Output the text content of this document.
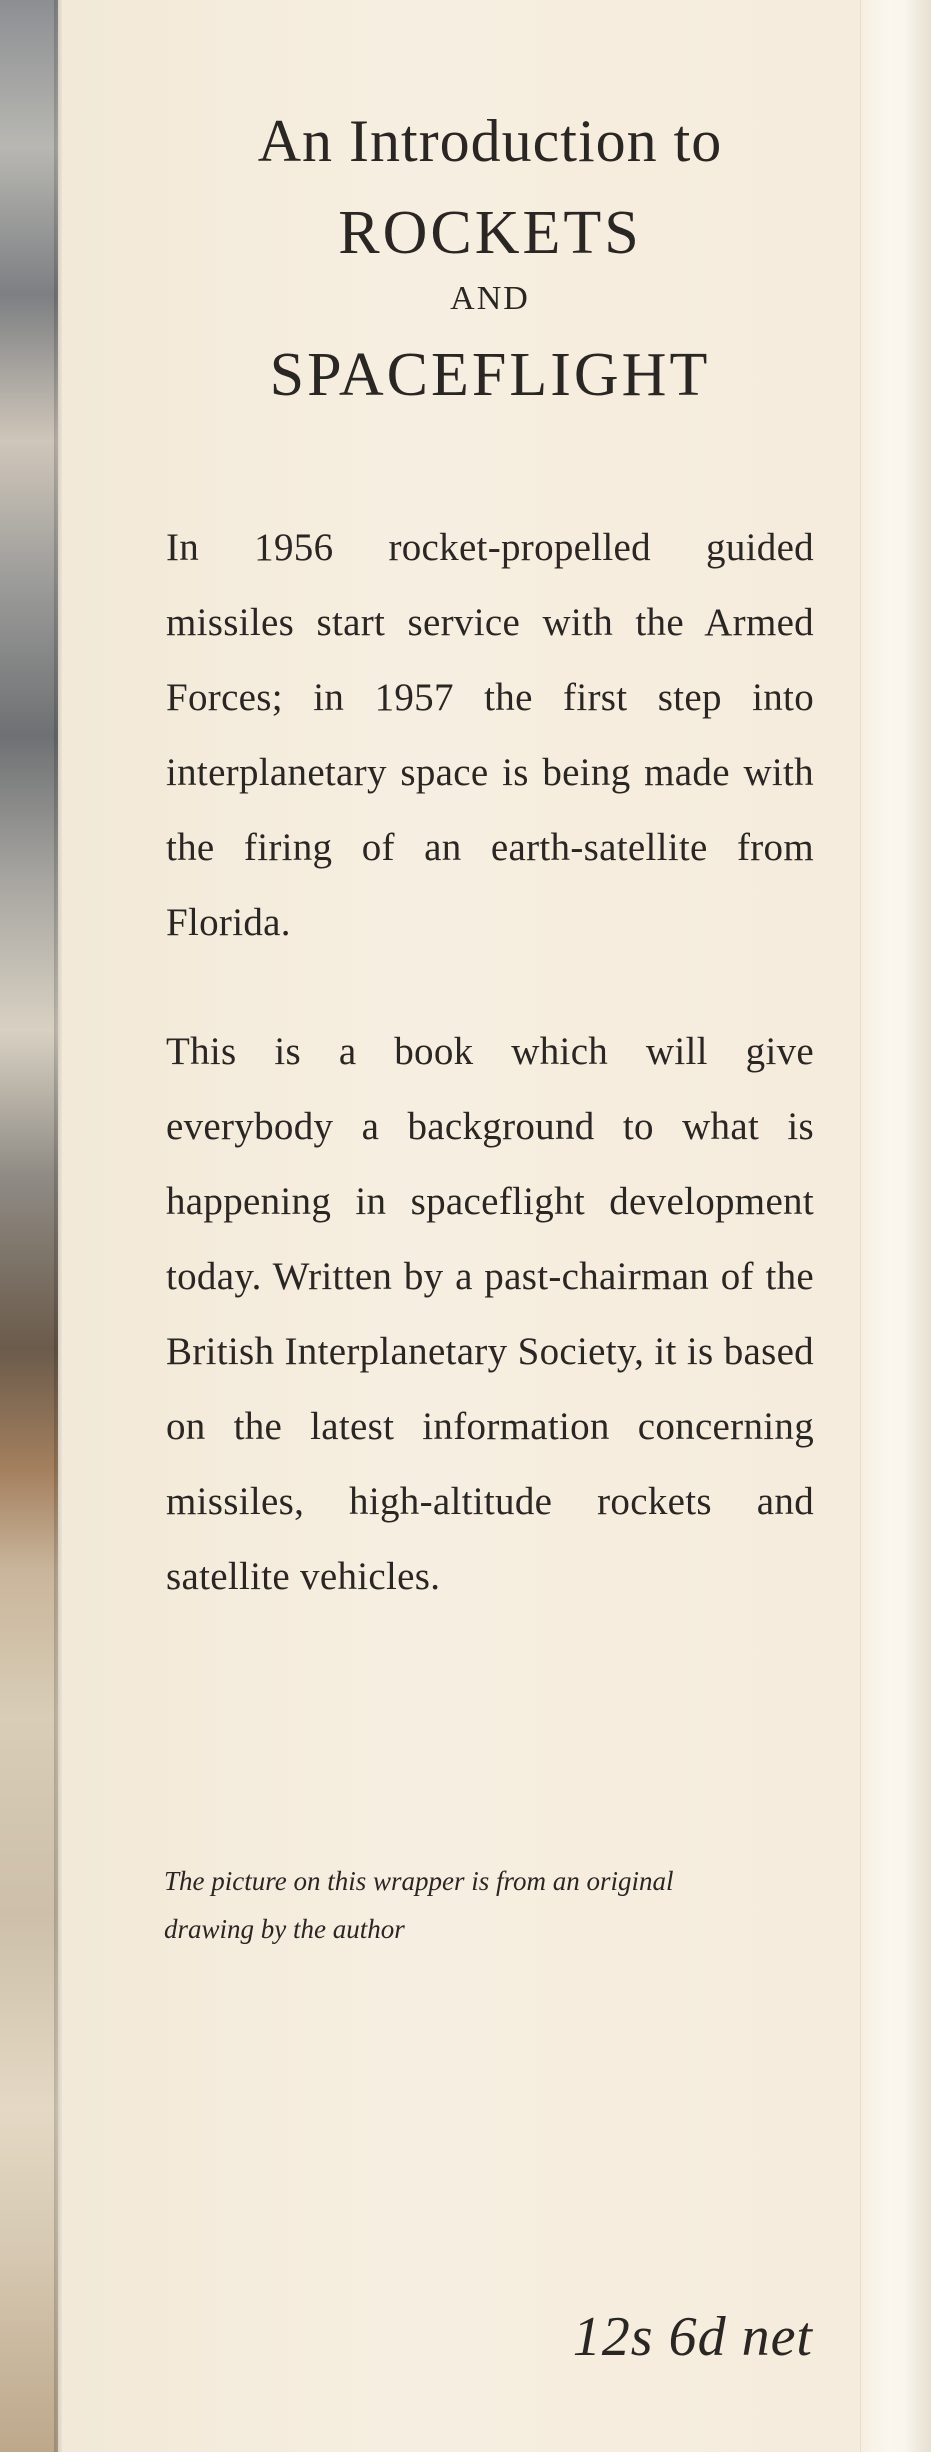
An Introduction to
ROCKETS
AND
SPACEFLIGHT

In 1956 rocket-propelled guided missiles start service with the Armed Forces; in 1957 the first step into interplanetary space is being made with the firing of an earth-satellite from Florida.

This is a book which will give everybody a background to what is happening in spaceflight development today. Written by a past-chairman of the British Interplanetary Society, it is based on the latest information concerning missiles, high-altitude rockets and satellite vehicles.

The picture on this wrapper is from an original drawing by the author

12s 6d net
